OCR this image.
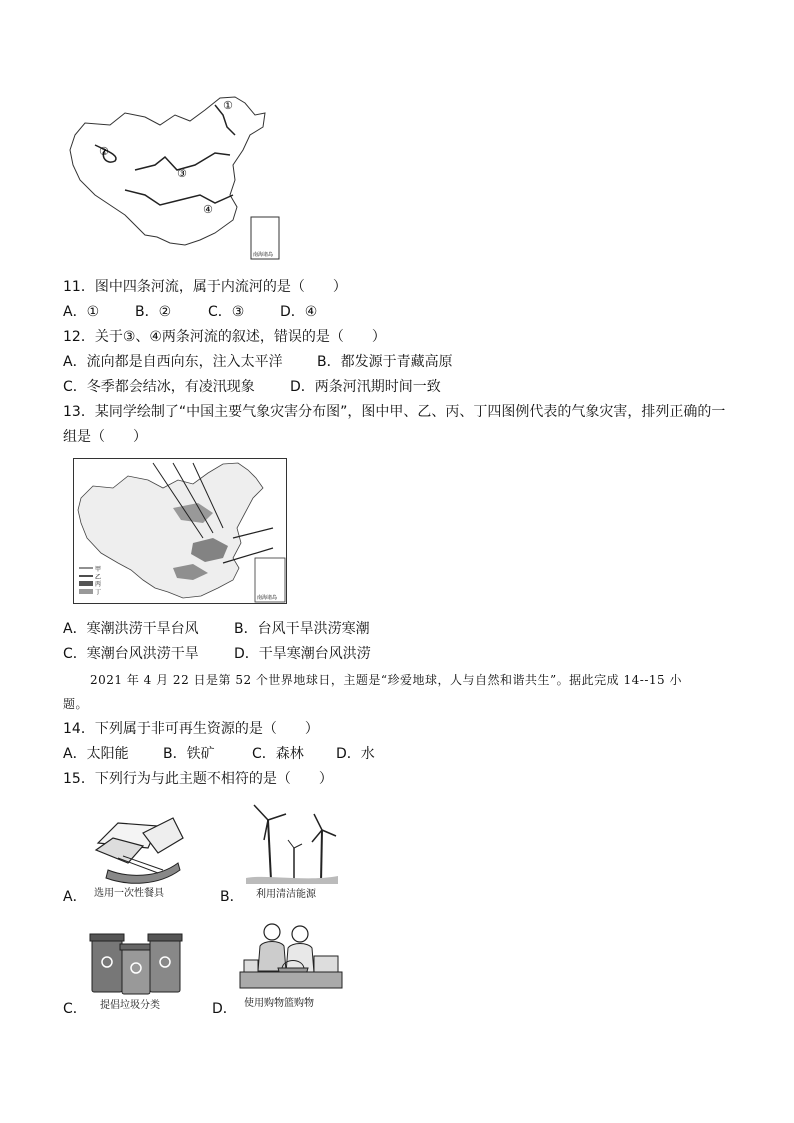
①
②
③
④
南海诸岛
11．图中四条河流，属于内流河的是（　　）
A．①	B．②	C．③	D．④
12．关于③、④两条河流的叙述，错误的是（　　）
A．流向都是自西向东，注入太平洋 B．都发源于青藏高原
C．冬季都会结冰，有凌汛现象	D．两条河汛期时间一致
13．某同学绘制了“中国主要气象灾害分布图”，图中甲、乙、丙、丁四图例代表的气象灾害，排列正确的一
组是（　　）
甲
乙
丙
丁
南海诸岛
A．寒潮洪涝干旱台风	B．台风干旱洪涝寒潮
C．寒潮台风洪涝干旱	D．干旱寒潮台风洪涝
2021 年 4 月 22 日是第 52 个世界地球日，主题是“珍爱地球，人与自然和谐共生”。据此完成 14--15 小
题。
14．下列属于非可再生资源的是（　　）
A．太阳能 B．铁矿	C．森林 D．水
15．下列行为与此主题不相符的是（　　）
A． 选用一次性餐具	B． 利用清洁能源
C． 提倡垃圾分类	D． 使用购物篮购物
